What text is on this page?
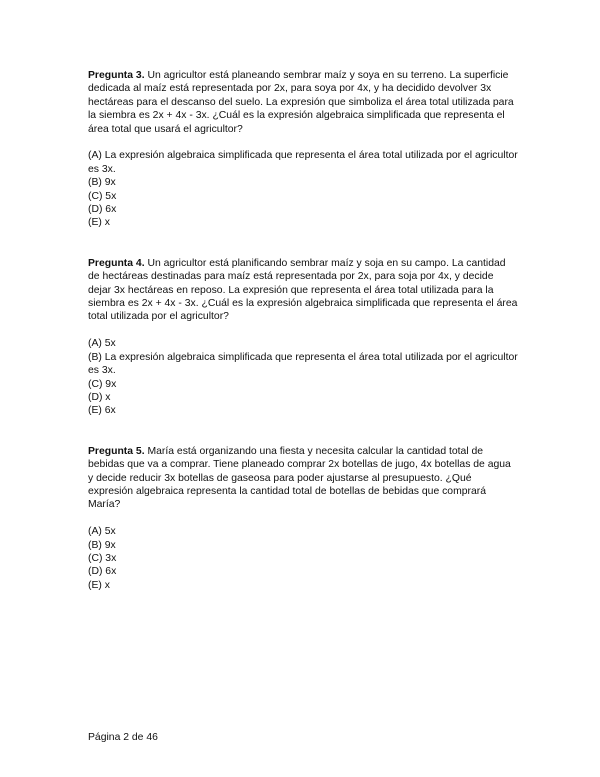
Pregunta 3. Un agricultor está planeando sembrar maíz y soya en su terreno. La superficie dedicada al maíz está representada por 2x, para soya por 4x, y ha decidido devolver 3x hectáreas para el descanso del suelo. La expresión que simboliza el área total utilizada para la siembra es 2x + 4x - 3x. ¿Cuál es la expresión algebraica simplificada que representa el área total que usará el agricultor?

(A) La expresión algebraica simplificada que representa el área total utilizada por el agricultor es 3x.
(B) 9x
(C) 5x
(D) 6x
(E) x

Pregunta 4. Un agricultor está planificando sembrar maíz y soja en su campo. La cantidad de hectáreas destinadas para maíz está representada por 2x, para soja por 4x, y decide dejar 3x hectáreas en reposo. La expresión que representa el área total utilizada para la siembra es 2x + 4x - 3x. ¿Cuál es la expresión algebraica simplificada que representa el área total utilizada por el agricultor?

(A) 5x
(B) La expresión algebraica simplificada que representa el área total utilizada por el agricultor es 3x.
(C) 9x
(D) x
(E) 6x

Pregunta 5. María está organizando una fiesta y necesita calcular la cantidad total de bebidas que va a comprar. Tiene planeado comprar 2x botellas de jugo, 4x botellas de agua y decide reducir 3x botellas de gaseosa para poder ajustarse al presupuesto. ¿Qué expresión algebraica representa la cantidad total de botellas de bebidas que comprará María?

(A) 5x
(B) 9x
(C) 3x
(D) 6x
(E) x
Página 2 de 46
